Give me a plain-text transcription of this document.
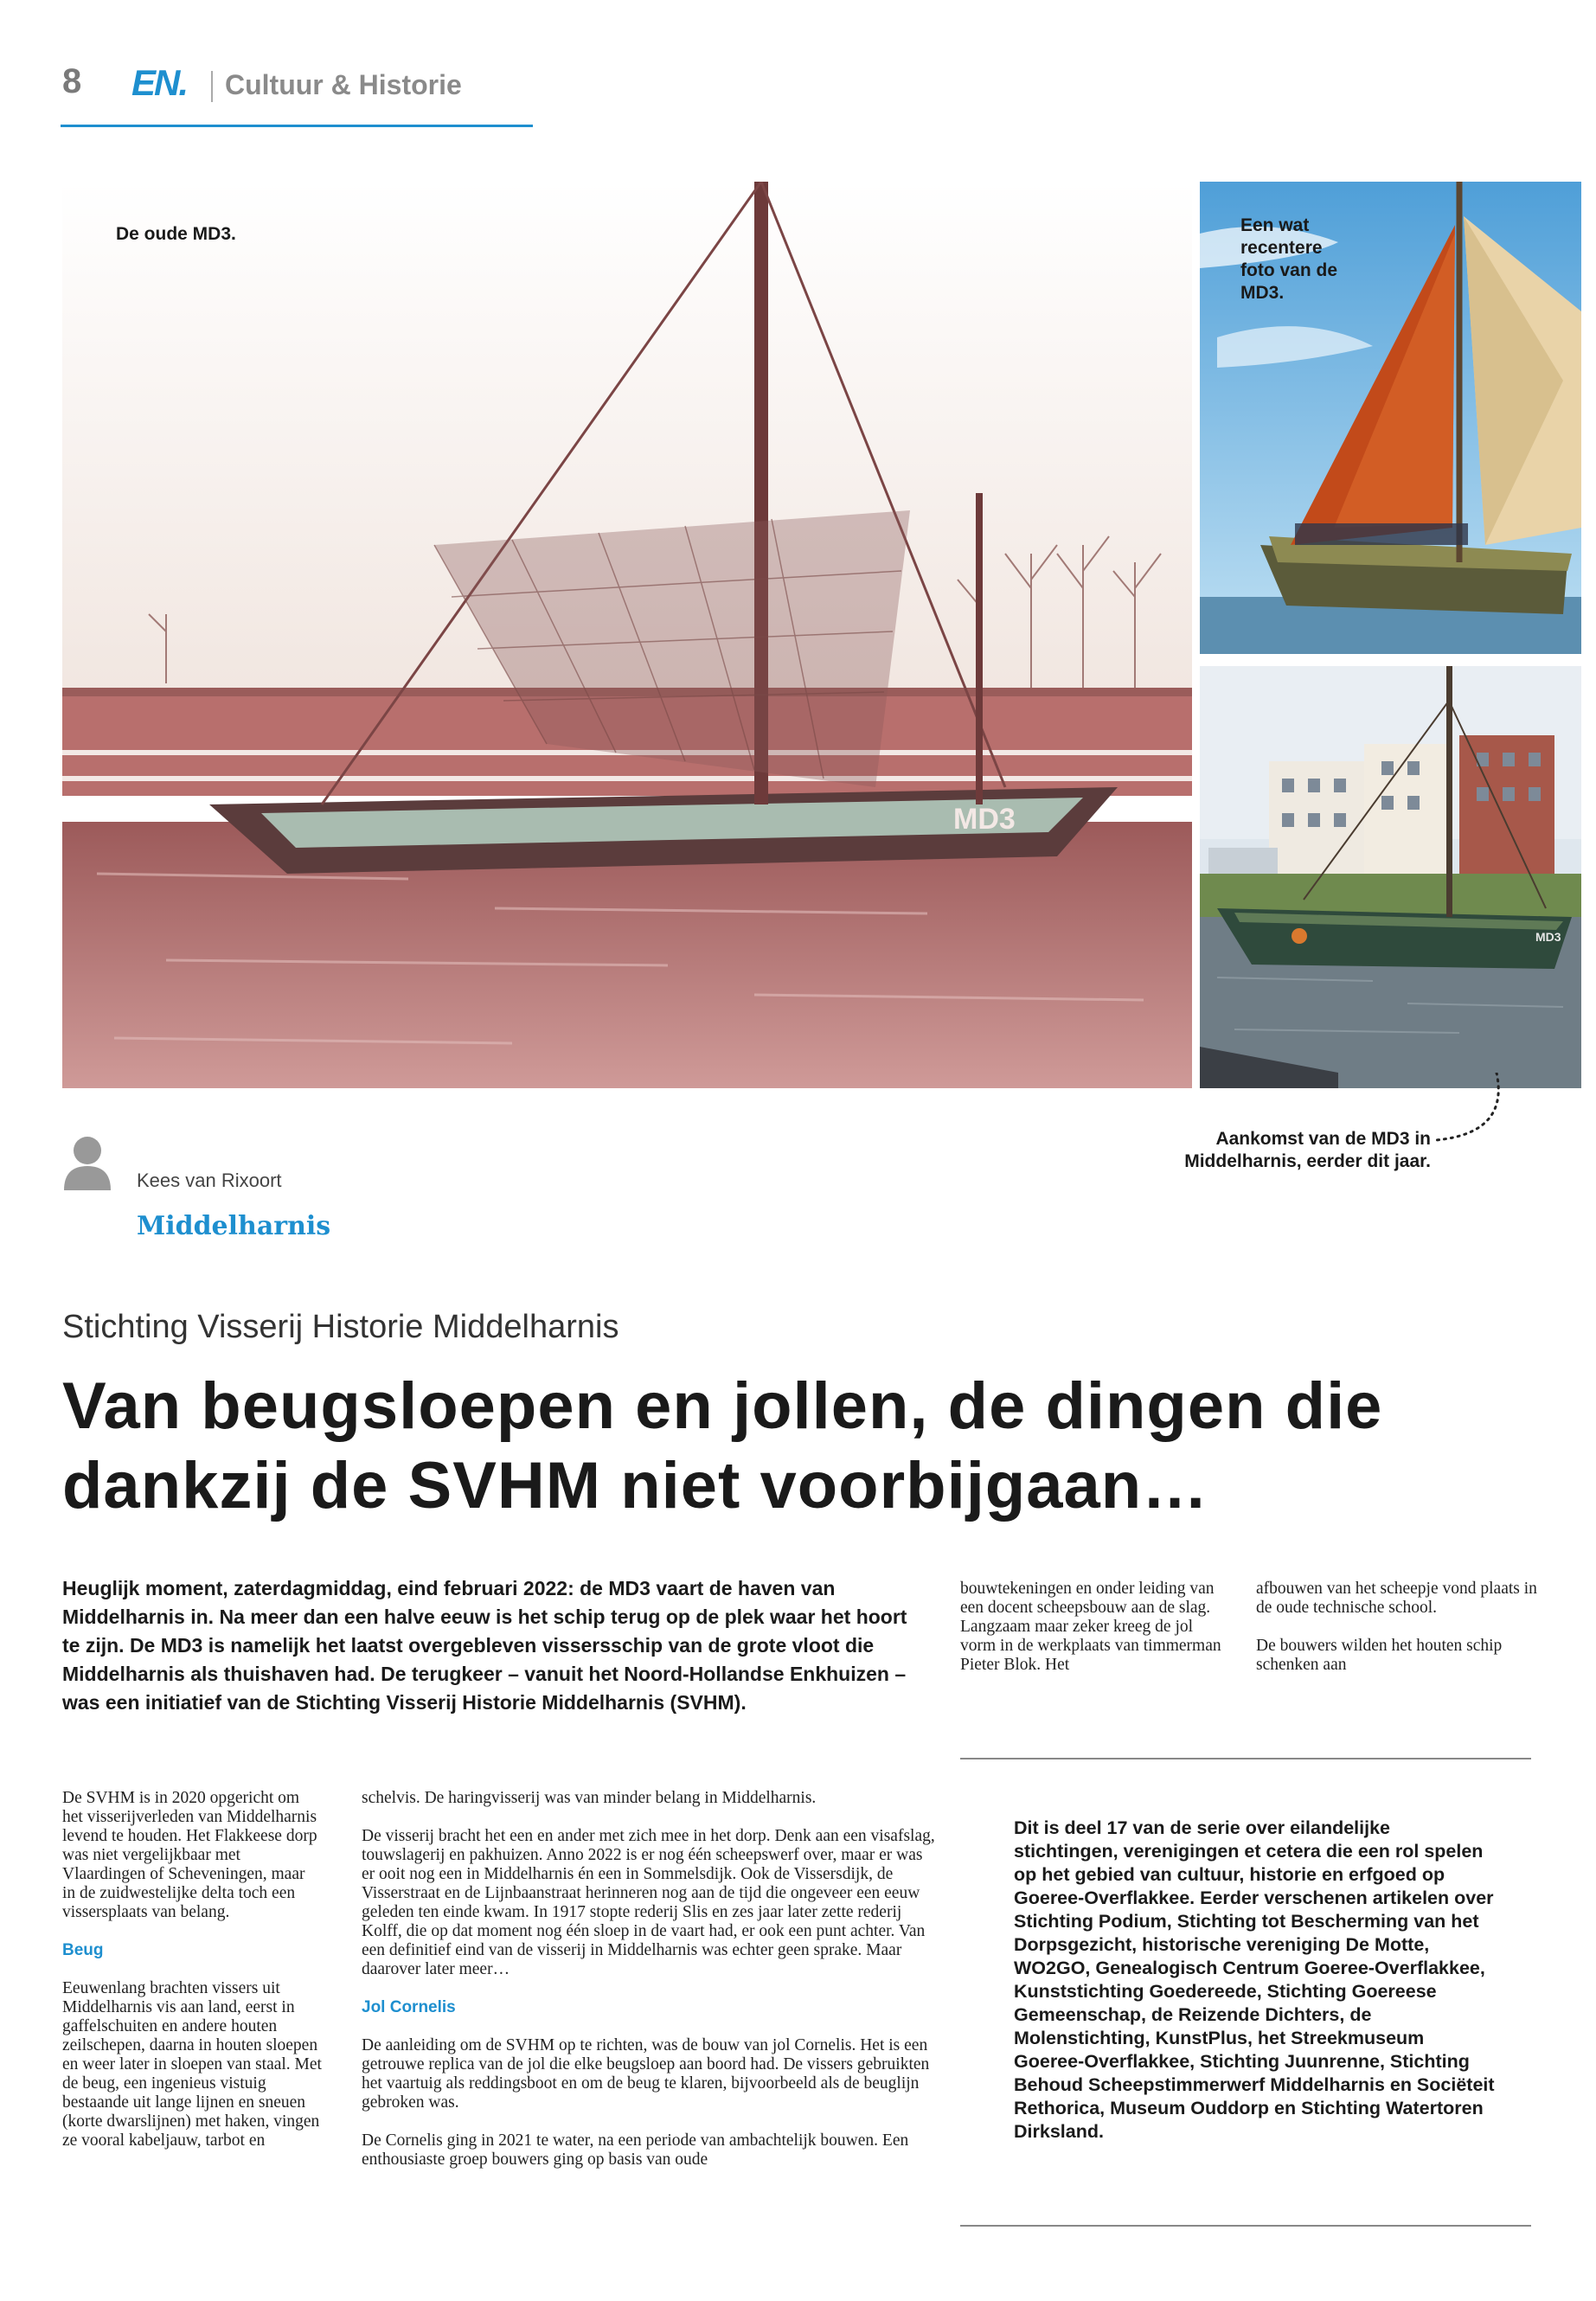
8 EN. Cultuur & Historie
MD3
De oude MD3.	Een wat recentere foto van de MD3.
MD3
Aankomst van de MD3 in Middelharnis, eerder dit jaar.
Kees van Rixoort
Middelharnis
Stichting Visserij Historie Middelharnis
Van beugsloepen en jollen, de dingen die dankzij de SVHM niet voorbijgaan…
Heuglijk moment, zaterdagmiddag, eind februari 2022: de MD3 vaart de haven van Middelharnis in. Na meer dan een halve eeuw is het schip terug op de plek waar het hoort te zijn. De MD3 is namelijk het laatst overgebleven vissersschip van de grote vloot die Middelharnis als thuishaven had. De terugkeer – vanuit het Noord-Hollandse Enkhuizen – was een initiatief van de Stichting Visserij Historie Middelharnis (SVHM).

bouwtekeningen en onder leiding van een docent scheepsbouw aan de slag. Langzaam maar zeker kreeg de jol vorm in de werkplaats van timmerman Pieter Blok. Het

afbouwen van het scheepje vond plaats in de oude technische school.

De bouwers wilden het houten schip schenken aan

De SVHM is in 2020 opgericht om het visserijverleden van Middelharnis levend te houden. Het Flakkeese dorp was niet vergelijkbaar met Vlaardingen of Scheveningen, maar in de zuidwestelijke delta toch een vissersplaats van belang.

Beug

Eeuwenlang brachten vissers uit Middelharnis vis aan land, eerst in gaffelschuiten en andere houten zeilschepen, daarna in houten sloepen en weer later in sloepen van staal. Met de beug, een ingenieus vistuig bestaande uit lange lijnen en sneuen (korte dwarslijnen) met haken, vingen ze vooral kabeljauw, tarbot en

schelvis. De haringvisserij was van minder belang in Middelharnis.

De visserij bracht het een en ander met zich mee in het dorp. Denk aan een visafslag, touwslagerij en pakhuizen. Anno 2022 is er nog één scheepswerf over, maar er was er ooit nog een in Middelharnis én een in Sommelsdijk. Ook de Vissersdijk, de Visserstraat en de Lijnbaanstraat herinneren nog aan de tijd die ongeveer een eeuw geleden ten einde kwam. In 1917 stopte rederij Slis en zes jaar later zette rederij Kolff, die op dat moment nog één sloep in de vaart had, er ook een punt achter. Van een definitief eind van de visserij in Middelharnis was echter geen sprake. Maar daarover later meer…

Jol Cornelis

De aanleiding om de SVHM op te richten, was de bouw van jol Cornelis. Het is een getrouwe replica van de jol die elke beugsloep aan boord had. De vissers gebruikten het vaartuig als reddingsboot en om de beug te klaren, bijvoorbeeld als de beuglijn gebroken was.

De Cornelis ging in 2021 te water, na een periode van ambachtelijk bouwen. Een enthousiaste groep bouwers ging op basis van oude

Dit is deel 17 van de serie over eilandelijke stichtingen, verenigingen et cetera die een rol spelen op het gebied van cultuur, historie en erfgoed op Goeree-Overflakkee. Eerder verschenen artikelen over Stichting Podium, Stichting tot Bescherming van het Dorpsgezicht, historische vereniging De Motte, WO2GO, Genealogisch Centrum Goeree-Overflakkee, Kunststichting Goedereede, Stichting Goereese Gemeenschap, de Reizende Dichters, de Molenstichting, KunstPlus, het Streekmuseum Goeree-Overflakkee, Stichting Juunrenne, Stichting Behoud Scheepstimmerwerf Middelharnis en Sociëteit Rethorica, Museum Ouddorp en Stichting Watertoren Dirksland.
